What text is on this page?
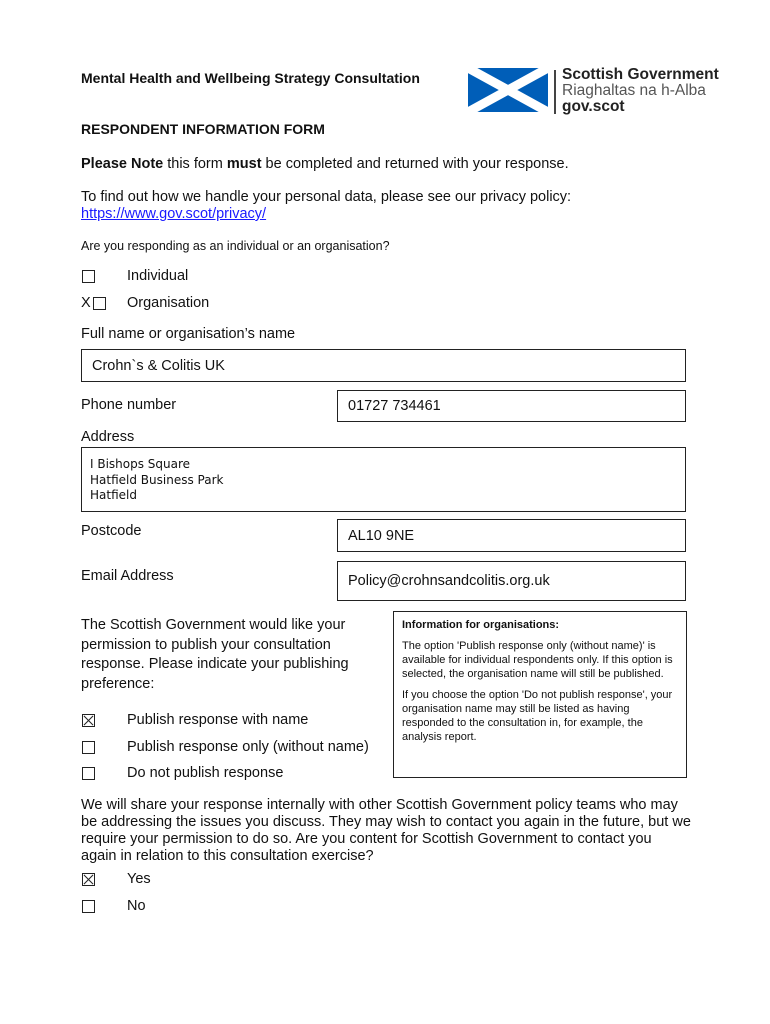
Mental Health and Wellbeing Strategy Consultation	Scottish Government
Riaghaltas na h-Alba
gov.scot
RESPONDENT INFORMATION FORM
Please Note this form must be completed and returned with your response.
To find out how we handle your personal data, please see our privacy policy:
https://www.gov.scot/privacy/
Are you responding as an individual or an organisation?
Individual
X	Organisation
Full name or organisation’s name
Crohn`s & Colitis UK
Phone number	01727 734461
Address
I Bishops Square
Hatfield Business Park
Hatfield
Postcode	AL10 9NE
Email Address	Policy@crohnsandcolitis.org.uk
The Scottish Government would like your permission to publish your consultation response. Please indicate your publishing preference:
Information for organisations:

The option 'Publish response only (without name)' is available for individual respondents only. If this option is selected, the organisation name will still be published.

If you choose the option 'Do not publish response', your organisation name may still be listed as having responded to the consultation in, for example, the analysis report.

Publish response with name
Publish response only (without name)
Do not publish response
We will share your response internally with other Scottish Government policy teams who may be addressing the issues you discuss. They may wish to contact you again in the future, but we require your permission to do so. Are you content for Scottish Government to contact you again in relation to this consultation exercise?
Yes
No
